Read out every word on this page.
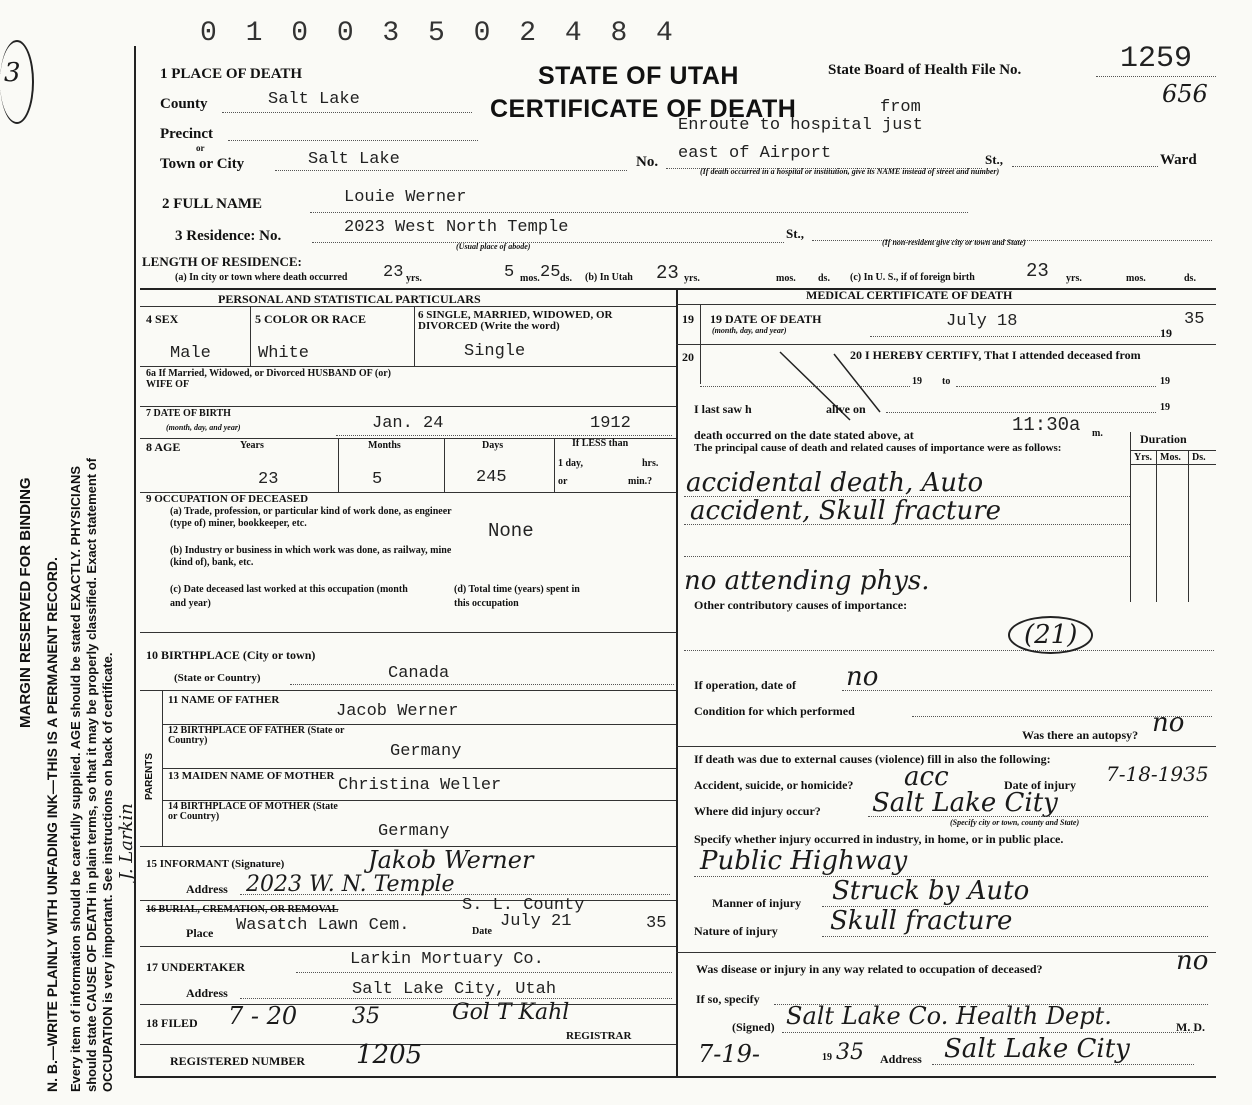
MARGIN RESERVED FOR BINDING N. B.—WRITE PLAINLY WITH UNFADING INK—THIS IS A PERMANENT RECORD. Every item of information should be carefully supplied. AGE should be stated EXACTLY. PHYSICIANS should state CAUSE OF DEATH in plain terms, so that it may be properly classified. Exact statement of OCCUPATION is very important. See instructions on back of certificate. J. Larkin
3
0 1 0 0 3 5 0 2 4 8 4
1 PLACE OF DEATH	STATE OF UTAH
CERTIFICATE OF DEATH
State Board of Health File No.	1259
656
County	Salt Lake
Precinct
or
Town or City	Salt Lake
from
Enroute to hospital just
No. east of Airport	St.,	Ward
(If death occurred in a hospital or institution, give its NAME instead of street and number)
2 FULL NAME	Louie Werner
3 Residence: No.	2023 West North Temple
(Usual place of abode)
St.,
(If non-resident give city or town and State)
LENGTH OF RESIDENCE:
(a) In city or town where death occurred 23 yrs.	5 mos. 25 ds. (b) In Utah 23 yrs.	mos. ds. (c) In U. S., if of foreign birth	23 yrs.	mos.	ds.
PERSONAL AND STATISTICAL PARTICULARS	MEDICAL CERTIFICATE OF DEATH
4 SEX	5 COLOR OR RACE	6 SINGLE, MARRIED, WIDOWED, OR DIVORCED (Write the word)
Male	White	Single
6a If Married, Widowed, or Divorced HUSBAND OF (or) WIFE OF
7 DATE OF BIRTH
(month, day, and year)	Jan. 24	1912
8 AGE	Years	Months	Days	If LESS than
1 day,	hrs.
or	min.?
23	5	245
9 OCCUPATION OF DECEASED
(a) Trade, profession, or particular kind of work done, as engineer (type of) miner, bookkeeper, etc.	None
(b) Industry or business in which work was done, as railway, mine (kind of), bank, etc.
(c) Date deceased last worked at this occupation (month and year)
(d) Total time (years) spent in this occupation
10 BIRTHPLACE (City or town)
(State or Country)	Canada
PARENTS
11 NAME OF FATHER
Jacob Werner
12 BIRTHPLACE OF FATHER (State or Country)
Germany
13 MAIDEN NAME OF MOTHER Christina Weller
14 BIRTHPLACE OF MOTHER (State or Country)
Germany
15 INFORMANT (Signature)	Jakob Werner
Address 2023 W. N. Temple
16 BURIAL, CREMATION, OR REMOVAL	S. L. County
Place Wasatch Lawn Cem.	Date
July 21	35
17 UNDERTAKER	Larkin Mortuary Co.
Address	Salt Lake City, Utah
18 FILED 7 - 20 35	Gol T Kahl
REGISTRAR
REGISTERED NUMBER 1205
19 19 DATE OF DEATH
(month, day, and year)	July 18
19
35
20	20 I HEREBY CERTIFY, That I attended deceased from
19 to	19
I last saw h	alive on	19
death occurred on the date stated above, at	11:30a m.
The principal cause of death and related causes of importance were as follows:
Duration
Yrs. Mos. Ds.
accidental death, Auto
accident, Skull fracture
no attending phys.
Other contributory causes of importance:
(21)
If operation, date of no
Condition for which performed
Was there an autopsy? no
If death was due to external causes (violence) fill in also the following:
Accident, suicide, or homicide? acc	Date of injury 7-18-1935
Where did injury occur? Salt Lake City
(Specify city or town, county and State)
Specify whether injury occurred in industry, in home, or in public place.
Public Highway
Manner of injury Struck by Auto
Nature of injury Skull fracture
Was disease or injury in any way related to occupation of deceased?	no
If so, specify
(Signed) Salt Lake Co. Health Dept.	M. D.
7-19-	19 35 Address Salt Lake City
